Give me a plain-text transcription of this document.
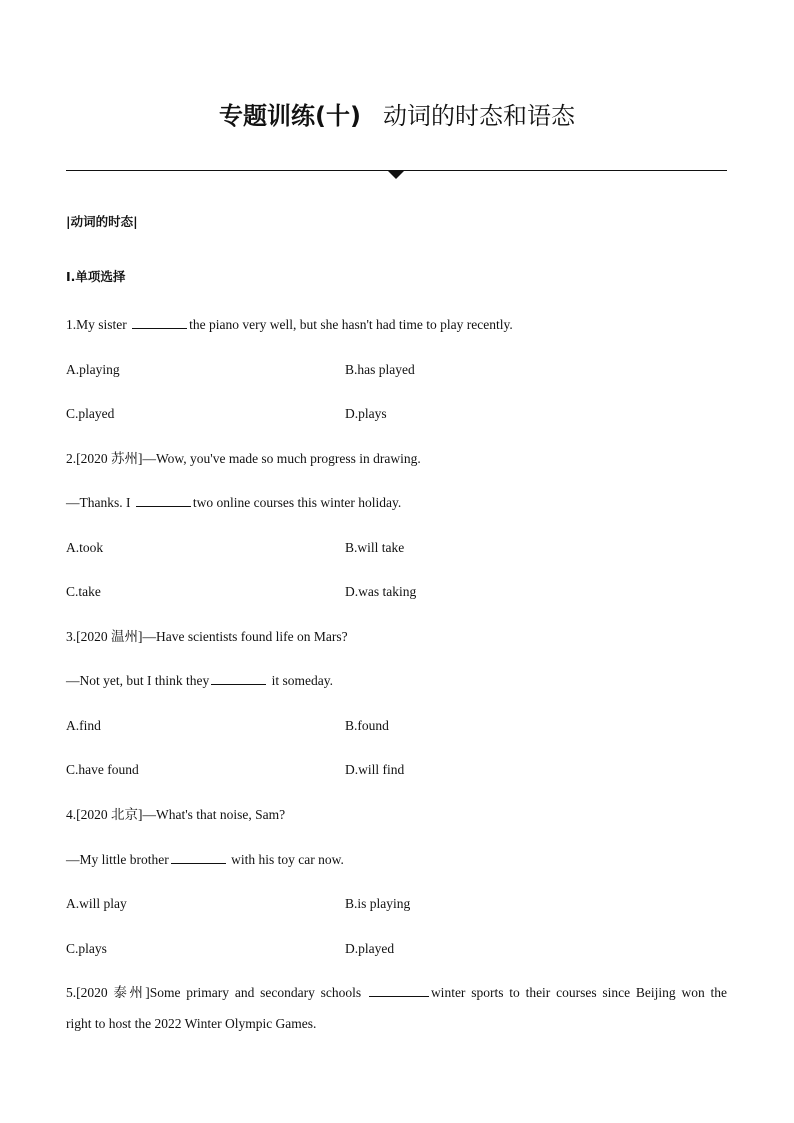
专题训练(十) 动词的时态和语态
|动词的时态|
Ⅰ.单项选择
1.My sister	the piano very well, but she hasn't had time to play recently.
A.playing	B.has played
C.played	D.plays
2.[2020 苏州]—Wow, you've made so much progress in drawing.
—Thanks. I	two online courses this winter holiday.
A.took	B.will take
C.take	D.was taking
3.[2020 温州]—Have scientists found life on Mars?
—Not yet, but I think they	it someday.
A.find	B.found
C.have found	D.will find
4.[2020 北京]—What's that noise, Sam?
—My little brother	with his toy car now.
A.will play	B.is playing
C.plays	D.played
5.[2020 泰州]Some primary and secondary schools	winter sports to their courses since Beijing won the
right to host the 2022 Winter Olympic Games.
